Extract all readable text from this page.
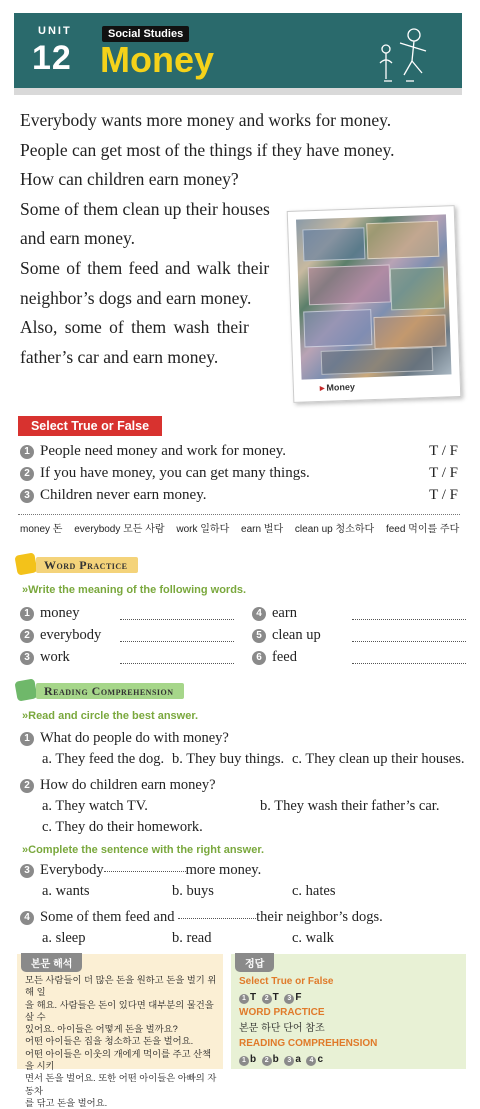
UNIT
12
Social Studies
Money
Everybody wants more money and works for money.
People can get most of the things if they have money.
How can children earn money?
Some of them clean up their houses
and earn money.
Some of them feed and walk their
neighbor’s dogs and earn money.
Also, some of them wash their
father’s car and earn money.
▸ Money
Select True or False
1 People need money and work for money.	T / F
2 If you have money, you can get many things.	T / F
3 Children never earn money.	T / F
money 돈 everybody 모든 사람 work 일하다 earn 벌다 clean up 청소하다 feed 먹이를 주다
Word Practice
» Write the meaning of the following words.
1 money	4 earn
2 everybody	5 clean up
3 work	6 feed
Reading Comprehension
» Read and circle the best answer.
1 What do people do with money?
a. They feed the dog. b. They buy things. c. They clean up their houses.
2 How do children earn money?
a. They watch TV.	b. They wash their father’s car.
c. They do their homework.
» Complete the sentence with the right answer.
3 Everybody	more money.
a. wants	b. buys	c. hates
4 Some of them feed and	their neighbor’s dogs.
a. sleep	b. read	c. walk
본문 해석
모든 사람들이 더 많은 돈을 원하고 돈을 벌기 위해 일
을 해요. 사람들은 돈이 있다면 대부분의 물건을 살 수
있어요. 아이들은 어떻게 돈을 벌까요?
어떤 아이들은 집을 청소하고 돈을 벌어요.
어떤 아이들은 이웃의 개에게 먹이를 주고 산책을 시키
면서 돈을 벌어요. 또한 어떤 아이들은 아빠의 자동차
를 닦고 돈을 벌어요.
정답
Select True or False
1 T 2 T 3 F
WORD PRACTICE
본문 하단 단어 참조
READING COMPREHENSION
1 b 2 b 3 a 4 c
